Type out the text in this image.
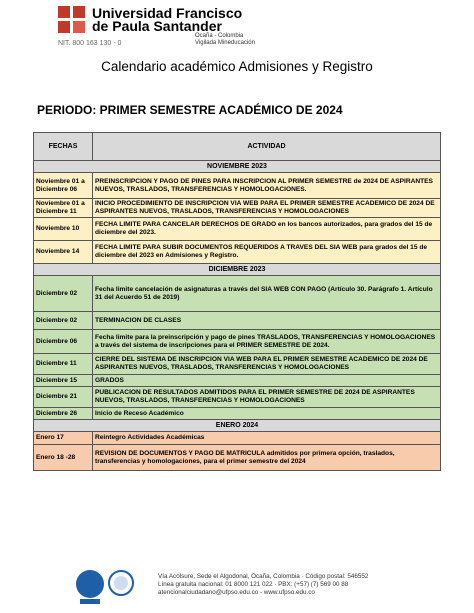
Universidad Francisco
de Paula Santander
Ocaña - Colombia
Vigilada Mineducación
NIT. 800 163 130 - 0
Calendario académico Admisiones y Registro
PERIODO: PRIMER SEMESTRE ACADÉMICO DE 2024
FECHAS	ACTIVIDAD
NOVIEMBRE 2023	
Noviembre 01 a Diciembre 06	PREINSCRIPCION Y PAGO DE PINES PARA INSCRIPCION AL PRIMER SEMESTRE de 2024 DE ASPIRANTES NUEVOS, TRASLADOS, TRANSFERENCIAS Y HOMOLOGACIONES.
Noviembre 01 a Diciembre 11	INICIO PROCEDIMIENTO DE INSCRIPCION VIA WEB PARA EL PRIMER SEMESTRE ACADEMICO DE 2024 DE ASPIRANTES NUEVOS, TRASLADOS, TRANSFERENCIAS Y HOMOLOGACIONES
Noviembre 10	FECHA LIMITE PARA CANCELAR DERECHOS DE GRADO en los bancos autorizados, para grados del 15 de diciembre del 2023.
Noviembre 14	FECHA LIMITE PARA SUBIR DOCUMENTOS REQUERIDOS A TRAVES DEL SIA WEB para grados del 15 de diciembre del 2023 en Admisiones y Registro.
DICIEMBRE 2023	
Diciembre 02	Fecha limite cancelación de asignaturas a través del SIA WEB CON PAGO (Artículo 30. Parágrafo 1. Artículo 31 del Acuerdo 51 de 2019)
Diciembre 02	TERMINACION DE CLASES
Diciembre 06	Fecha limite para la preinscripción y pago de pines TRASLADOS, TRANSFERENCIAS Y HOMOLOGACIONES a través del sistema de inscripciones para el PRIMER SEMESTRE DE 2024.
Diciembre 11	CIERRE DEL SISTEMA DE INSCRIPCION VIA WEB PARA EL PRIMER SEMESTRE ACADEMICO DE 2024 DE ASPIRANTES NUEVOS, TRASLADOS, TRANSFERENCIAS Y HOMOLOGACIONES
Diciembre 15	GRADOS
Diciembre 21	PUBLICACION DE RESULTADOS ADMITIDOS PARA EL PRIMER SEMESTRE DE 2024 DE ASPIRANTES NUEVOS, TRASLADOS, TRANSFERENCIAS Y HOMOLOGACIONES
Diciembre 26	Inicio de Receso Académico
ENERO 2024	
Enero 17	Reintegro Actividades Académicas
Enero 18 -28	REVISION DE DOCUMENTOS Y PAGO DE MATRICULA admitidos por primera opción, traslados, transferencias y homologaciones, para el primer semestre del 2024
Vía Acolsure, Sede el Algodonal, Ocaña, Colombia · Código postal: 546552
Línea gratuita nacional: 01 8000 121 022 · PBX: (+57) (7) 569 00 88
atencionalciudadano@ufpso.edu.co - www.ufpso.edu.co
